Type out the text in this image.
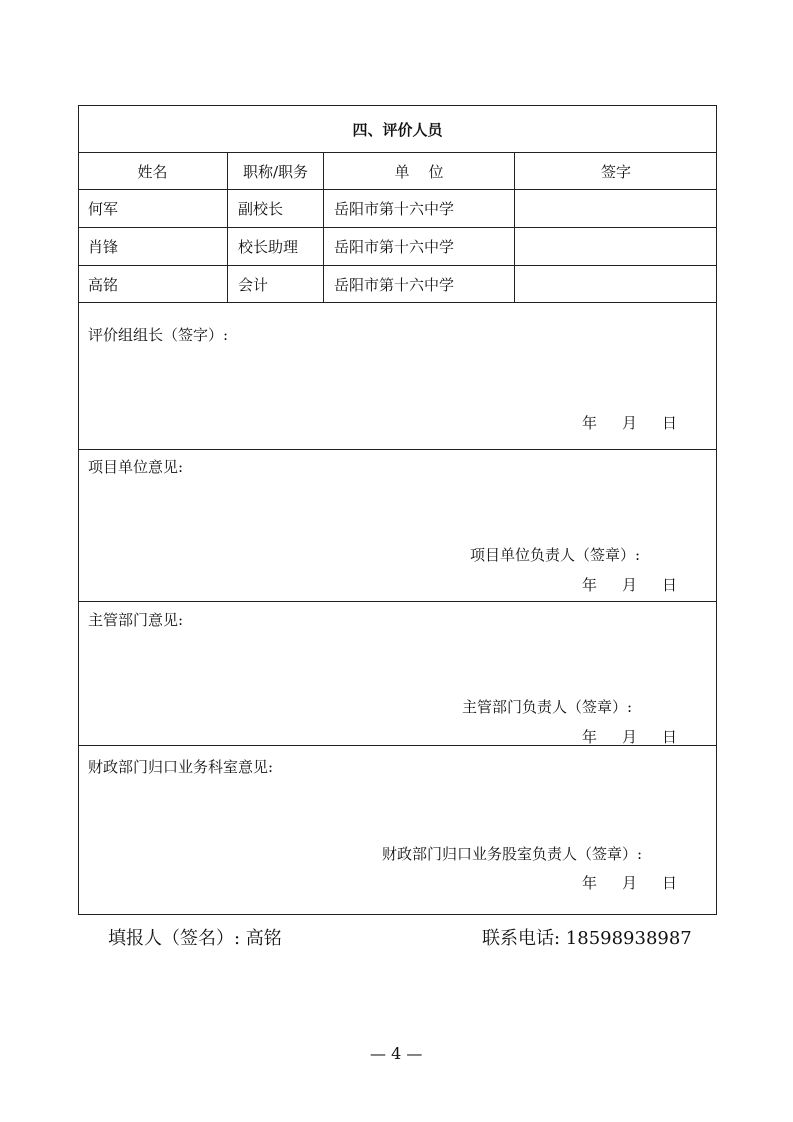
四、评价人员
姓名	职称/职务	单    位	签字
何军	副校长	岳阳市第十六中学
肖锋	校长助理	岳阳市第十六中学
高铭	会计	岳阳市第十六中学
评价组组长（签字）:
年 月 日
项目单位意见:
项目单位负责人（签章）:
年 月 日
主管部门意见:
主管部门负责人（签章）:
年 月 日
财政部门归口业务科室意见:
财政部门归口业务股室负责人（签章）:
年 月 日
填报人（签名）: 高铭	联系电话: 18598938987
— 4 —
